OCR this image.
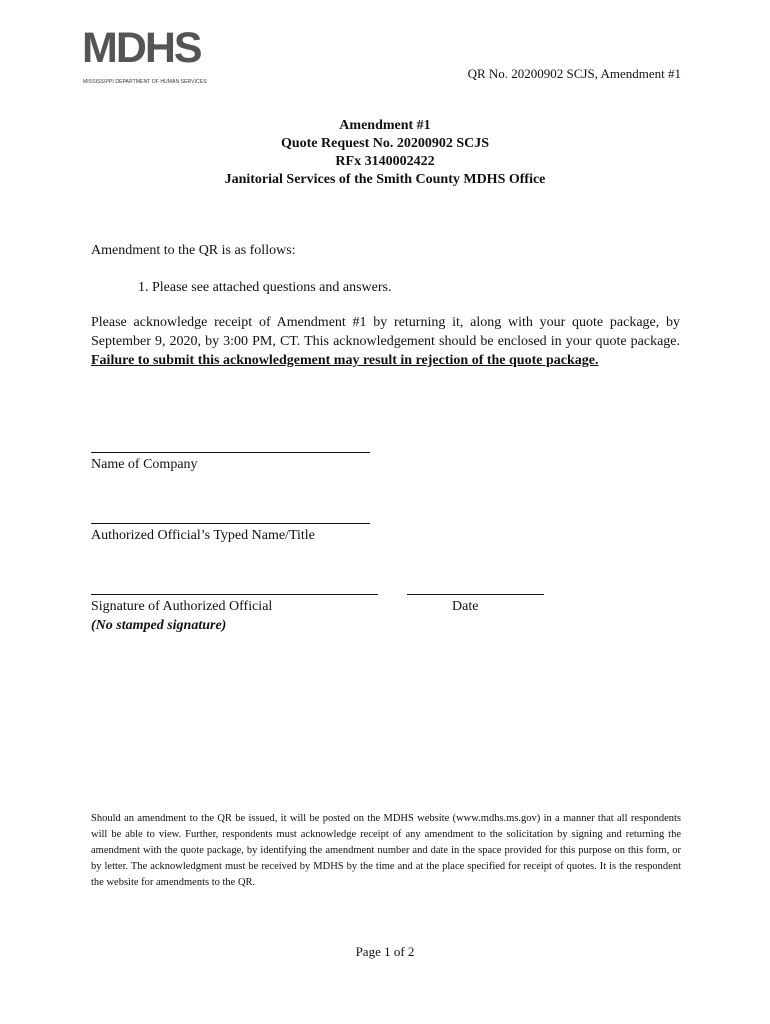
MDHS
MISSISSIPPI DEPARTMENT OF HUMAN SERVICES
QR No. 20200902 SCJS, Amendment #1
Amendment #1
Quote Request No. 20200902 SCJS
RFx 3140002422
Janitorial Services of the Smith County MDHS Office
Amendment to the QR is as follows:
1. Please see attached questions and answers.
Please acknowledge receipt of Amendment #1 by returning it, along with your quote package, by September 9, 2020, by 3:00 PM, CT. This acknowledgement should be enclosed in your quote package. Failure to submit this acknowledgement may result in rejection of the quote package.
Name of Company
Authorized Official’s Typed Name/Title
Signature of Authorized Official
(No stamped signature)
Date
Should an amendment to the QR be issued, it will be posted on the MDHS website (www.mdhs.ms.gov) in a manner that all respondents will be able to view. Further, respondents must acknowledge receipt of any amendment to the solicitation by signing and returning the amendment with the quote package, by identifying the amendment number and date in the space provided for this purpose on this form, or by letter. The acknowledgment must be received by MDHS by the time and at the place specified for receipt of quotes. It is the respondent the website for amendments to the QR.
Page 1 of 2
